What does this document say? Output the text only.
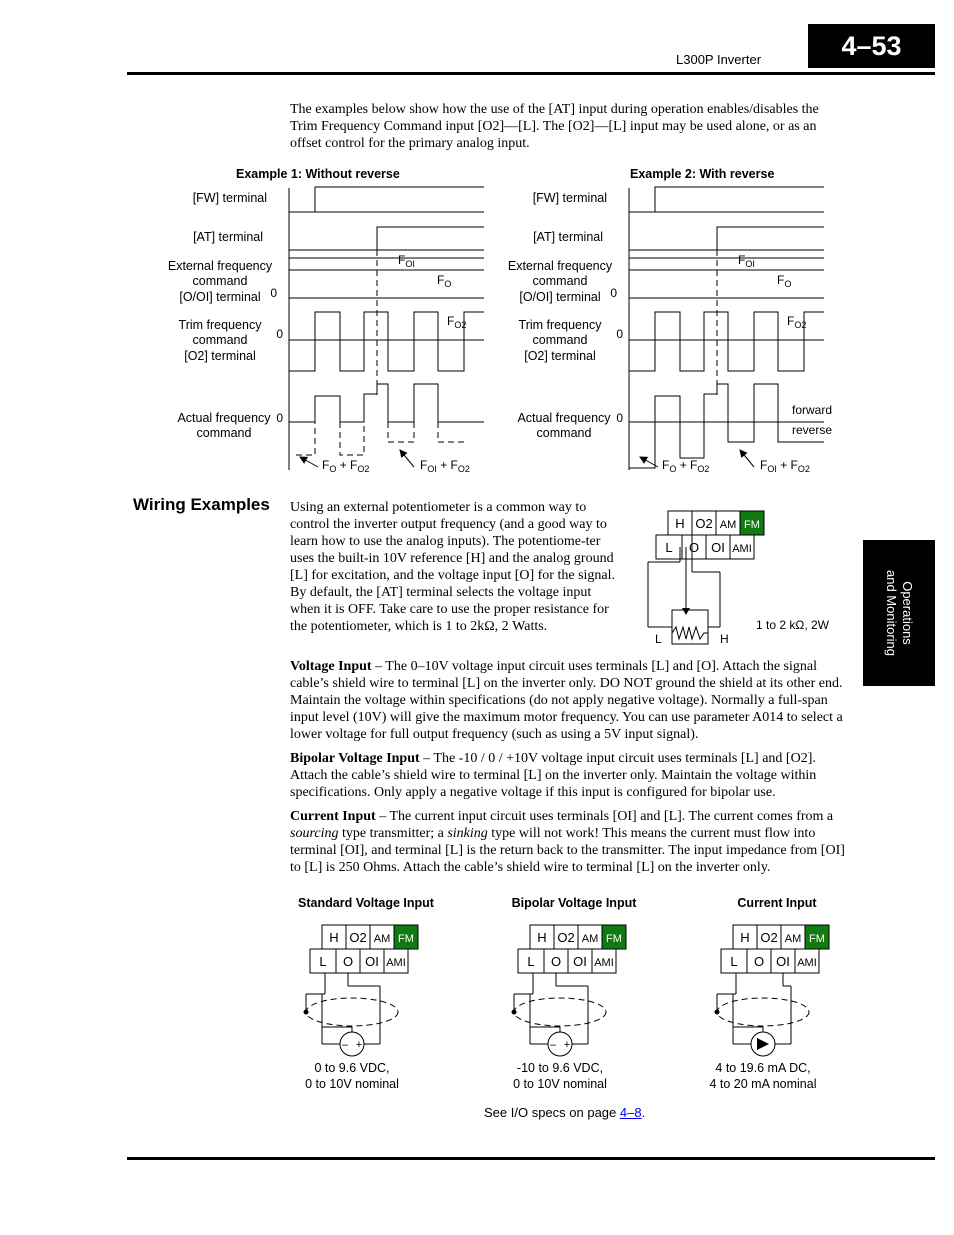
L300P Inverter	4–53
Operations
and Monitoring
The examples below show how the use of the [AT] input during operation enables/disables the Trim Frequency Command input [O2]—[L]. The [O2]—[L] input may be used alone, or as an offset control for the primary analog input.
Example 1: Without reverse
[FW] terminal
[AT] terminal
External frequency
command
[O/OI] terminal
Trim frequency
command
[O2] terminal
Actual frequency
command
0
0
0
$F_{OI}$
$F_O$
$F_{O2}$
$F_O + F_{O2}$	$F_{OI} + F_{O2}$
Example 2: With reverse
[FW] terminal
[AT] terminal
External frequency
command
[O/OI] terminal
Trim frequency
command
[O2] terminal
Actual frequency
command
0
0
0
$F_{OI}$
$F_O$
$F_{O2}$
forward
reverse
$F_O + F_{O2}$	$F_{OI} + F_{O2}$
Wiring Examples Using an external potentiometer is a common way to control the inverter output frequency (and a good way to learn how to use the analog inputs). The potentiome-ter uses the built-in 10V reference [H] and the analog ground [L] for excitation, and the voltage input [O] for the signal. By default, the [AT] terminal selects the voltage input when it is OFF. Take care to use the proper resistance for the potentiometer, which is 1 to 2kΩ, 2 Watts.
H O2 AM FM
L O OI AMI
L	H
1 to 2 kΩ, 2W
Voltage Input – The 0–10V voltage input circuit uses terminals [L] and [O]. Attach the signal cable’s shield wire to terminal [L] on the inverter only. DO NOT ground the shield at its other end. Maintain the voltage within specifications (do not apply negative voltage). Normally a full-span input level (10V) will give the maximum motor frequency. You can use parameter A014 to select a lower voltage for full output frequency (such as using a 5V input signal).
Bipolar Voltage Input – The -10 / 0 / +10V voltage input circuit uses terminals [L] and [O2]. Attach the cable’s shield wire to terminal [L] on the inverter only. Maintain the voltage within specifications. Only apply a negative voltage if this input is configured for bipolar use.
Current Input – The current input circuit uses terminals [OI] and [L]. The current comes from a sourcing type transmitter; a sinking type will not work! This means the current must flow into terminal [OI], and terminal [L] is the return back to the transmitter. The input impedance from [OI] to [L] is 250 Ohms. Attach the cable’s shield wire to terminal [L] on the inverter only.
Standard Voltage Input
H O2 AM FM
L O OI AMI
– +
0 to 9.6 VDC,
0 to 10V nominal
Bipolar Voltage Input
H O2 AM FM
L O OI AMI
– +
-10 to 9.6 VDC,
0 to 10V nominal
Current Input
H O2 AM FM
L O OI AMI
4 to 19.6 mA DC,
4 to 20 mA nominal
See I/O specs on page 4–8.
